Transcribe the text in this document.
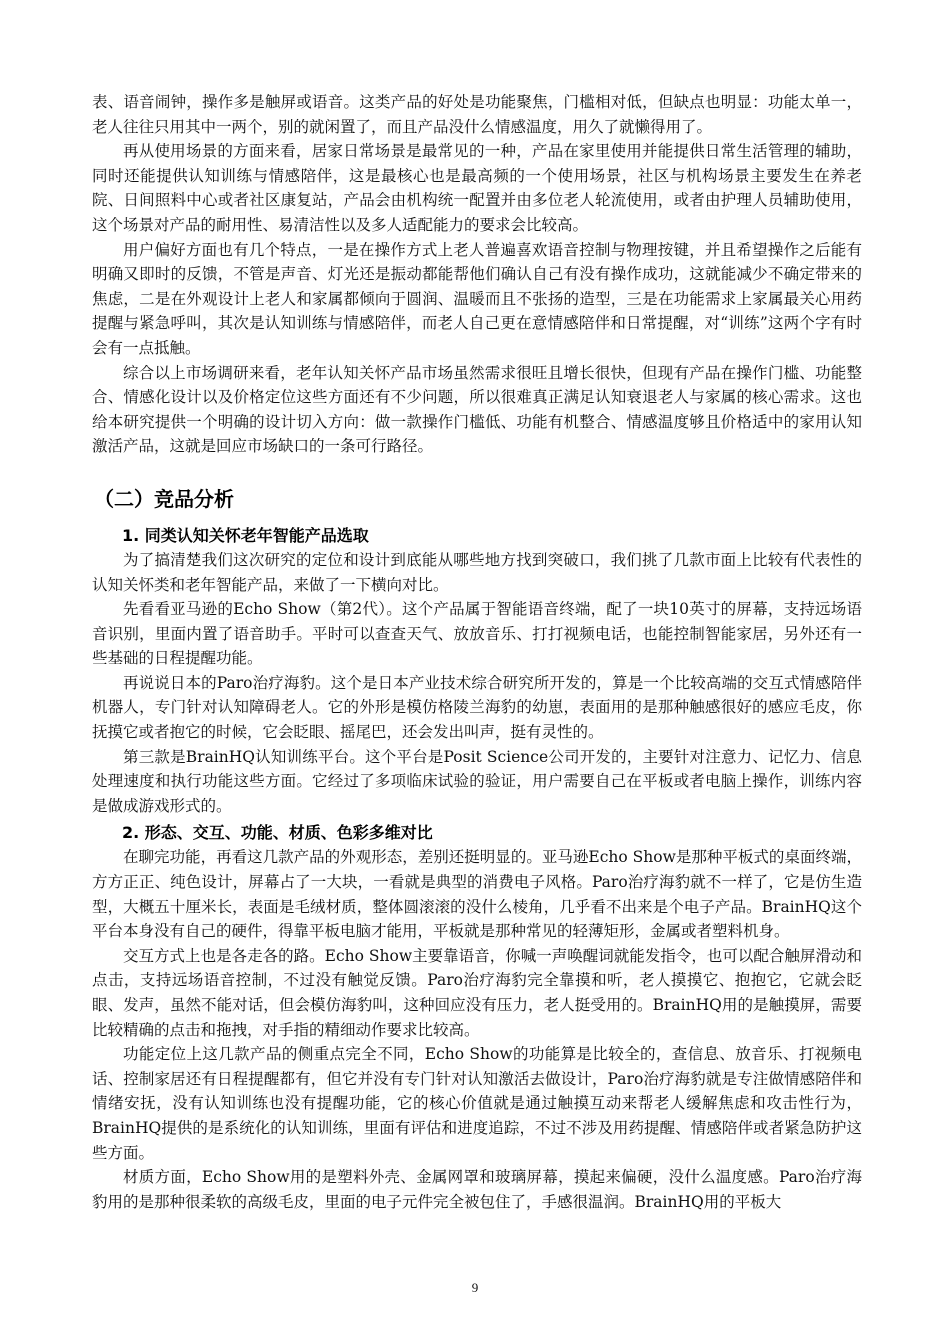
表、语音闹钟，操作多是触屏或语音。这类产品的好处是功能聚焦，门槛相对低，但缺点也明显：功能太单一，老人往往只用其中一两个，别的就闲置了，而且产品没什么情感温度，用久了就懒得用了。

再从使用场景的方面来看，居家日常场景是最常见的一种，产品在家里使用并能提供日常生活管理的辅助，同时还能提供认知训练与情感陪伴，这是最核心也是最高频的一个使用场景，社区与机构场景主要发生在养老院、日间照料中心或者社区康复站，产品会由机构统一配置并由多位老人轮流使用，或者由护理人员辅助使用，这个场景对产品的耐用性、易清洁性以及多人适配能力的要求会比较高。

用户偏好方面也有几个特点，一是在操作方式上老人普遍喜欢语音控制与物理按键，并且希望操作之后能有明确又即时的反馈，不管是声音、灯光还是振动都能帮他们确认自己有没有操作成功，这就能减少不确定带来的焦虑，二是在外观设计上老人和家属都倾向于圆润、温暖而且不张扬的造型，三是在功能需求上家属最关心用药提醒与紧急呼叫，其次是认知训练与情感陪伴，而老人自己更在意情感陪伴和日常提醒，对“训练”这两个字有时会有一点抵触。

综合以上市场调研来看，老年认知关怀产品市场虽然需求很旺且增长很快，但现有产品在操作门槛、功能整合、情感化设计以及价格定位这些方面还有不少问题，所以很难真正满足认知衰退老人与家属的核心需求。这也给本研究提供一个明确的设计切入方向：做一款操作门槛低、功能有机整合、情感温度够且价格适中的家用认知激活产品，这就是回应市场缺口的一条可行路径。

（二）竞品分析
1. 同类认知关怀老年智能产品选取

为了搞清楚我们这次研究的定位和设计到底能从哪些地方找到突破口，我们挑了几款市面上比较有代表性的认知关怀类和老年智能产品，来做了一下横向对比。

先看看亚马逊的Echo Show（第2代）。这个产品属于智能语音终端，配了一块10英寸的屏幕，支持远场语音识别，里面内置了语音助手。平时可以查查天气、放放音乐、打打视频电话，也能控制智能家居，另外还有一些基础的日程提醒功能。

再说说日本的Paro治疗海豹。这个是日本产业技术综合研究所开发的，算是一个比较高端的交互式情感陪伴机器人，专门针对认知障碍老人。它的外形是模仿格陵兰海豹的幼崽，表面用的是那种触感很好的感应毛皮，你抚摸它或者抱它的时候，它会眨眼、摇尾巴，还会发出叫声，挺有灵性的。

第三款是BrainHQ认知训练平台。这个平台是Posit Science公司开发的，主要针对注意力、记忆力、信息处理速度和执行功能这些方面。它经过了多项临床试验的验证，用户需要自己在平板或者电脑上操作，训练内容是做成游戏形式的。

2. 形态、交互、功能、材质、色彩多维对比

在聊完功能，再看这几款产品的外观形态，差别还挺明显的。亚马逊Echo Show是那种平板式的桌面终端，方方正正、纯色设计，屏幕占了一大块，一看就是典型的消费电子风格。Paro治疗海豹就不一样了，它是仿生造型，大概五十厘米长，表面是毛绒材质，整体圆滚滚的没什么棱角，几乎看不出来是个电子产品。BrainHQ这个平台本身没有自己的硬件，得靠平板电脑才能用，平板就是那种常见的轻薄矩形，金属或者塑料机身。

交互方式上也是各走各的路。Echo Show主要靠语音，你喊一声唤醒词就能发指令，也可以配合触屏滑动和点击，支持远场语音控制，不过没有触觉反馈。Paro治疗海豹完全靠摸和听，老人摸摸它、抱抱它，它就会眨眼、发声，虽然不能对话，但会模仿海豹叫，这种回应没有压力，老人挺受用的。BrainHQ用的是触摸屏，需要比较精确的点击和拖拽，对手指的精细动作要求比较高。

功能定位上这几款产品的侧重点完全不同，Echo Show的功能算是比较全的，查信息、放音乐、打视频电话、控制家居还有日程提醒都有，但它并没有专门针对认知激活去做设计，Paro治疗海豹就是专注做情感陪伴和情绪安抚，没有认知训练也没有提醒功能，它的核心价值就是通过触摸互动来帮老人缓解焦虑和攻击性行为，BrainHQ提供的是系统化的认知训练，里面有评估和进度追踪，不过不涉及用药提醒、情感陪伴或者紧急防护这些方面。

材质方面，Echo Show用的是塑料外壳、金属网罩和玻璃屏幕，摸起来偏硬，没什么温度感。Paro治疗海豹用的是那种很柔软的高级毛皮，里面的电子元件完全被包住了，手感很温润。BrainHQ用的平板大

9
